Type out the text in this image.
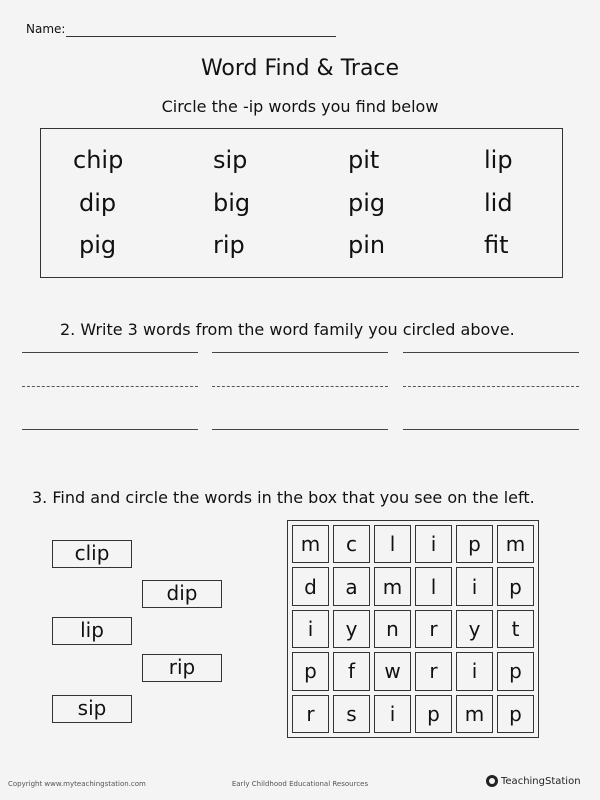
Name:
Word Find & Trace
Circle the -ip words you find below
chip	sip	pit	lip
dip	big	pig	lid
pig	rip	pin	fit
2. Write 3 words from the word family you circled above.
3. Find and circle the words in the box that you see on the left.
clip
dip
lip
rip
sip
m	c	l	i	p	m
d	a	m	l	i	p
i	y	n	r	y	t
p	f	w	r	i	p
r	s	i	p	m	p
Copyright www.myteachingstation.com	Early Childhood Educational Resources	TeachingStation
